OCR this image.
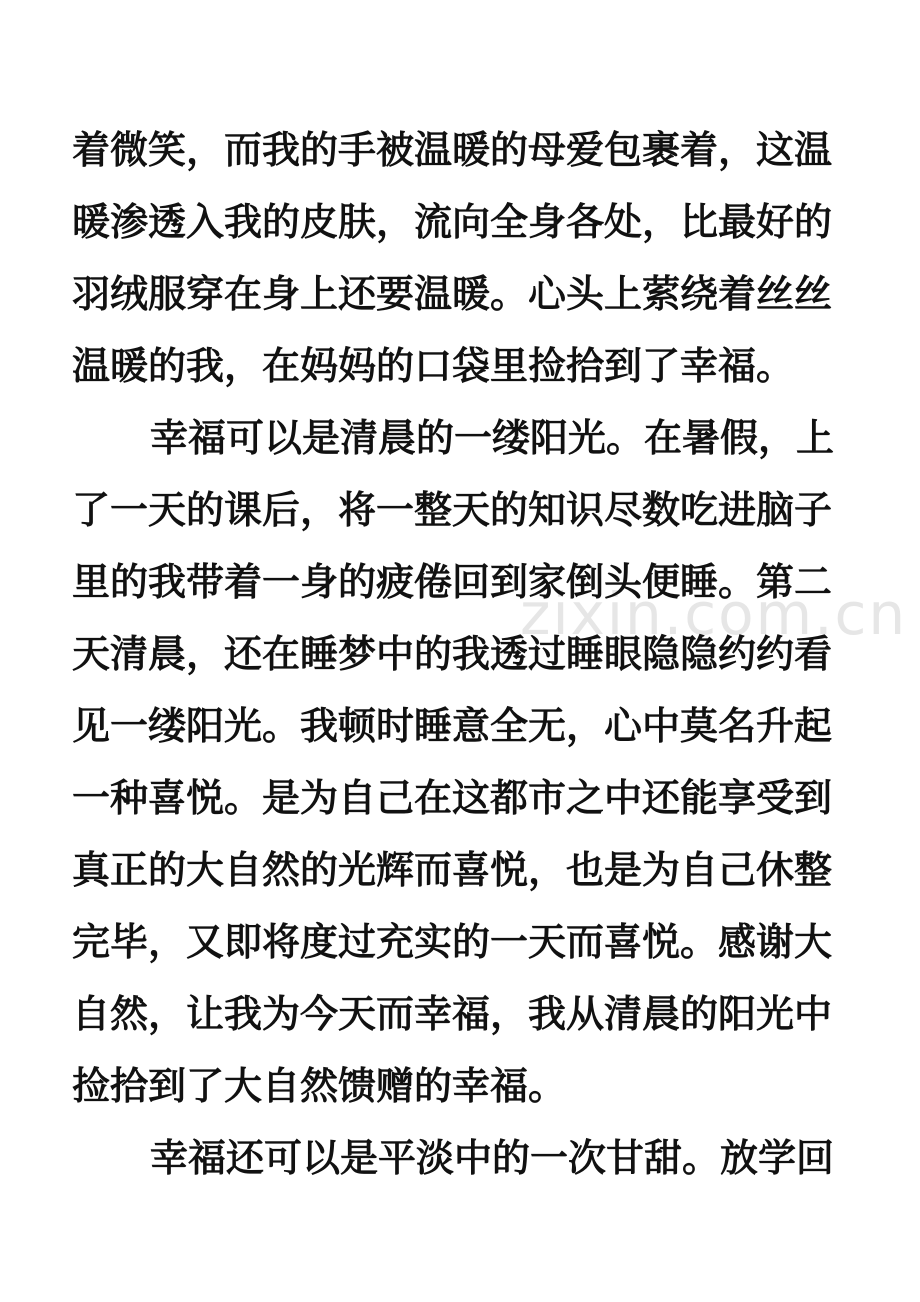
zixin.com.cn
着微笑，而我的手被温暖的母爱包裹着，这温
暖渗透入我的皮肤，流向全身各处，比最好的
羽绒服穿在身上还要温暖。心头上萦绕着丝丝
温暖的我，在妈妈的口袋里捡拾到了幸福。
幸福可以是清晨的一缕阳光。在暑假，上
了一天的课后，将一整天的知识尽数吃进脑子
里的我带着一身的疲倦回到家倒头便睡。第二
天清晨，还在睡梦中的我透过睡眼隐隐约约看
见一缕阳光。我顿时睡意全无，心中莫名升起
一种喜悦。是为自己在这都市之中还能享受到
真正的大自然的光辉而喜悦，也是为自己休整
完毕，又即将度过充实的一天而喜悦。感谢大
自然，让我为今天而幸福，我从清晨的阳光中
捡拾到了大自然馈赠的幸福。
幸福还可以是平淡中的一次甘甜。放学回
